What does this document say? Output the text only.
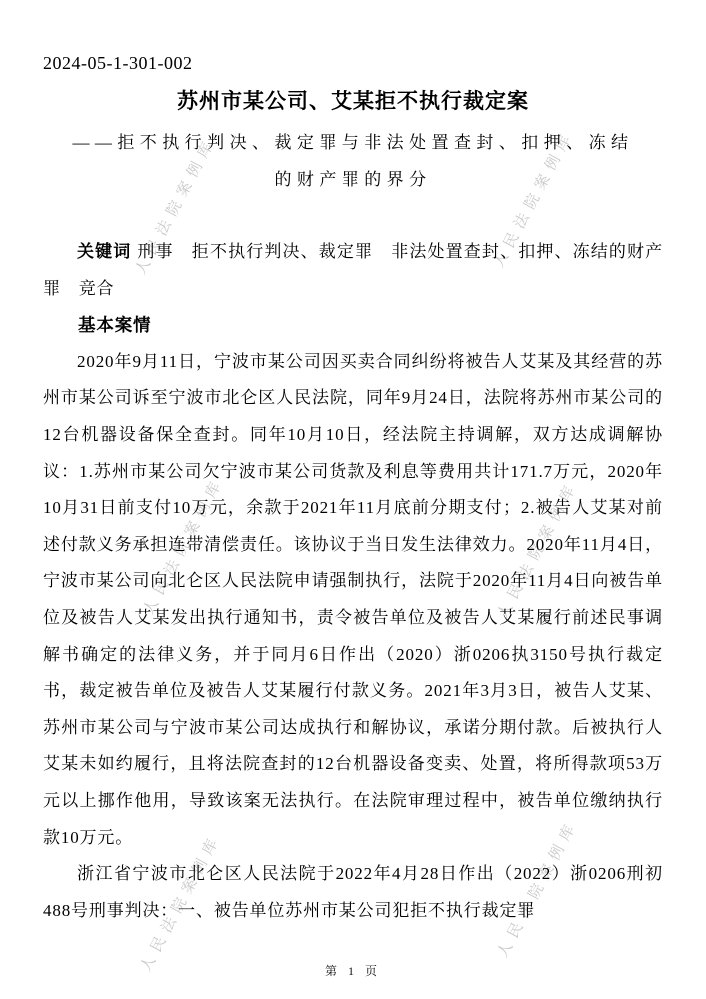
人民法院案例库	人民法院案例库
人民法院案例库	人民法院案例库
人民法院案例库	人民法院案例库
2024-05-1-301-002
苏州市某公司、艾某拒不执行裁定案
——拒不执行判决、裁定罪与非法处置查封、扣押、冻结的财产罪的界分

关键词 刑事　拒不执行判决、裁定罪　非法处置查封、扣押、冻结的财产罪　竞合

基本案情

2020年9月11日，宁波市某公司因买卖合同纠纷将被告人艾某及其经营的苏州市某公司诉至宁波市北仑区人民法院，同年9月24日，法院将苏州市某公司的12台机器设备保全查封。同年10月10日，经法院主持调解，双方达成调解协议：1.苏州市某公司欠宁波市某公司货款及利息等费用共计171.7万元，2020年10月31日前支付10万元，余款于2021年11月底前分期支付；2.被告人艾某对前述付款义务承担连带清偿责任。该协议于当日发生法律效力。2020年11月4日，宁波市某公司向北仑区人民法院申请强制执行，法院于2020年11月4日向被告单位及被告人艾某发出执行通知书，责令被告单位及被告人艾某履行前述民事调解书确定的法律义务，并于同月6日作出（2020）浙0206执3150号执行裁定书，裁定被告单位及被告人艾某履行付款义务。2021年3月3日，被告人艾某、苏州市某公司与宁波市某公司达成执行和解协议，承诺分期付款。后被执行人艾某未如约履行，且将法院查封的12台机器设备变卖、处置，将所得款项53万元以上挪作他用，导致该案无法执行。在法院审理过程中，被告单位缴纳执行款10万元。

浙江省宁波市北仑区人民法院于2022年4月28日作出（2022）浙0206刑初488号刑事判决：一、被告单位苏州市某公司犯拒不执行裁定罪

第 1 页
